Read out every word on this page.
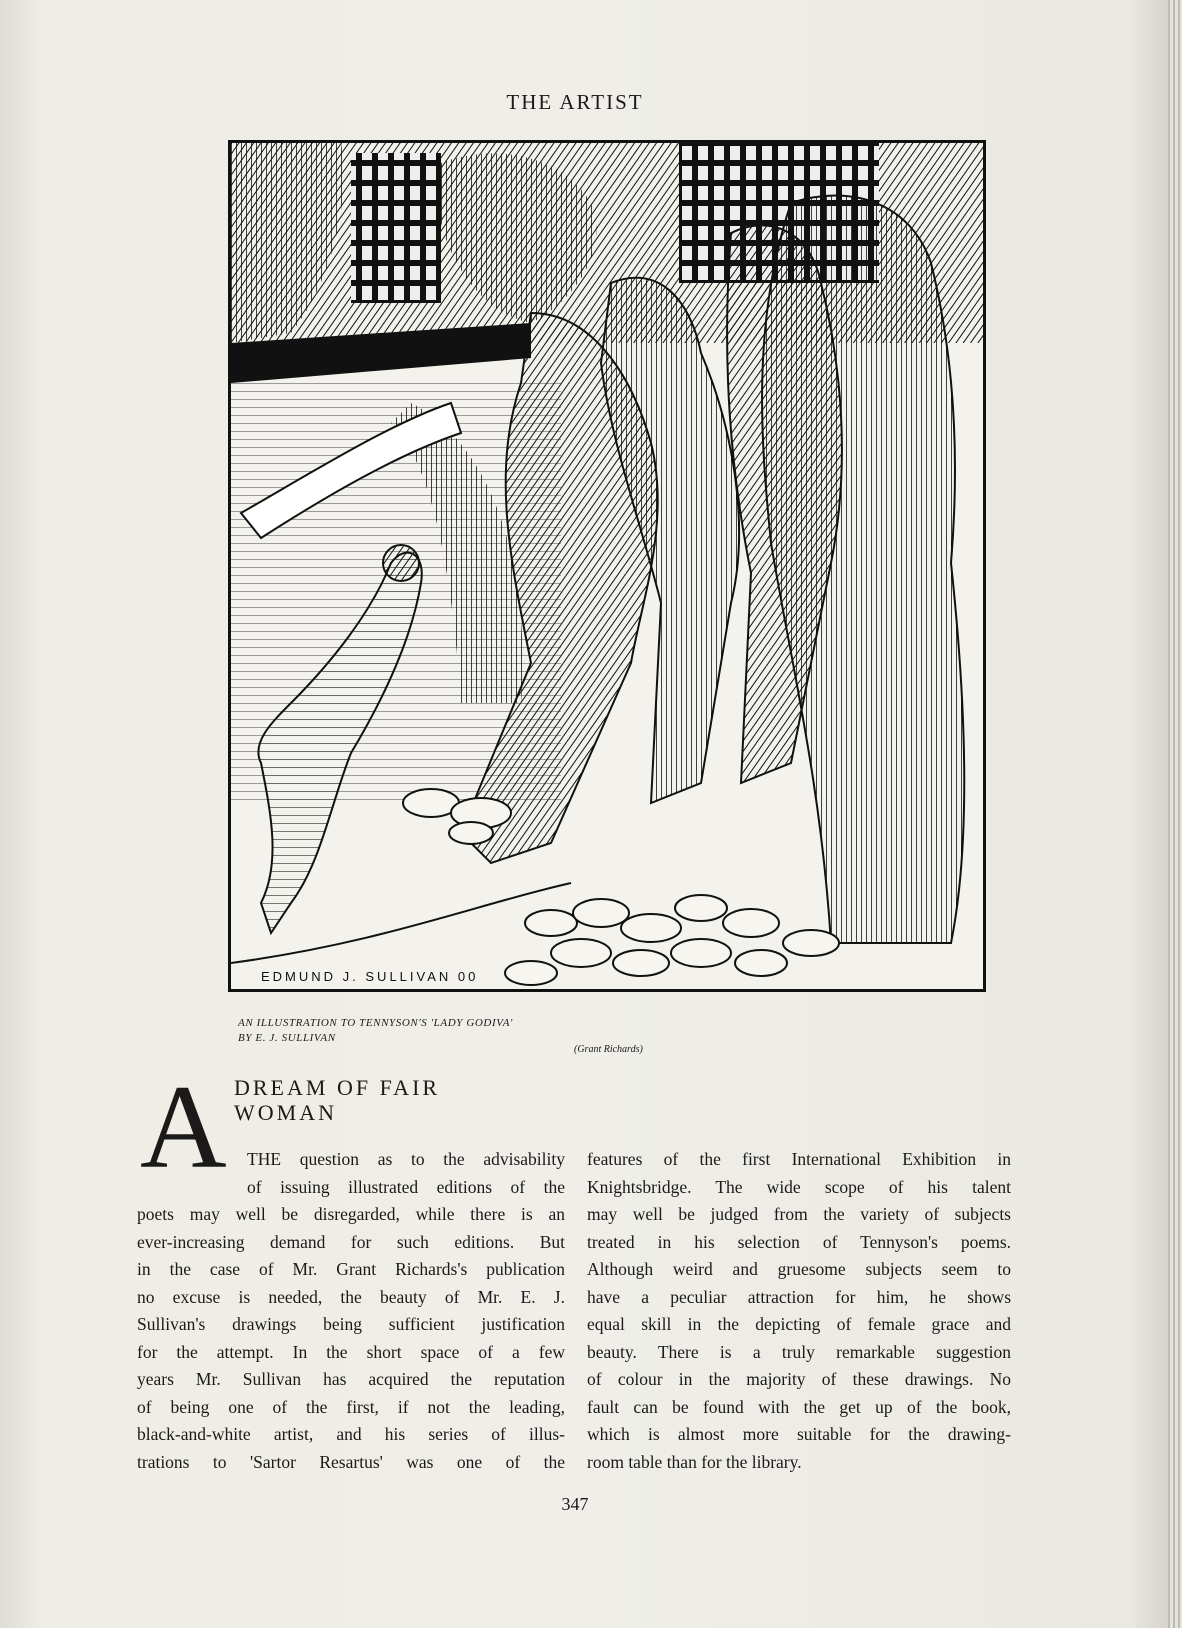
THE ARTIST
EDMUND J. SULLIVAN 00
AN ILLUSTRATION TO TENNYSON'S 'LADY GODIVA'
BY E. J. SULLIVAN
(Grant Richards)
A DREAM OF FAIR
WOMAN
THE question as to the advisability
of issuing illustrated editions of the
poets may well be disregarded, while there is an
ever-increasing demand for such editions. But
in the case of Mr. Grant Richards's publication
no excuse is needed, the beauty of Mr. E. J.
Sullivan's drawings being sufficient justification
for the attempt. In the short space of a few
years Mr. Sullivan has acquired the reputation
of being one of the first, if not the leading,
black-and-white artist, and his series of illus-
trations to 'Sartor Resartus' was one of the
features of the first International Exhibition in
Knightsbridge. The wide scope of his talent
may well be judged from the variety of subjects
treated in his selection of Tennyson's poems.
Although weird and gruesome subjects seem to
have a peculiar attraction for him, he shows
equal skill in the depicting of female grace and
beauty. There is a truly remarkable suggestion
of colour in the majority of these drawings. No
fault can be found with the get up of the book,
which is almost more suitable for the drawing-
room table than for the library.
347
